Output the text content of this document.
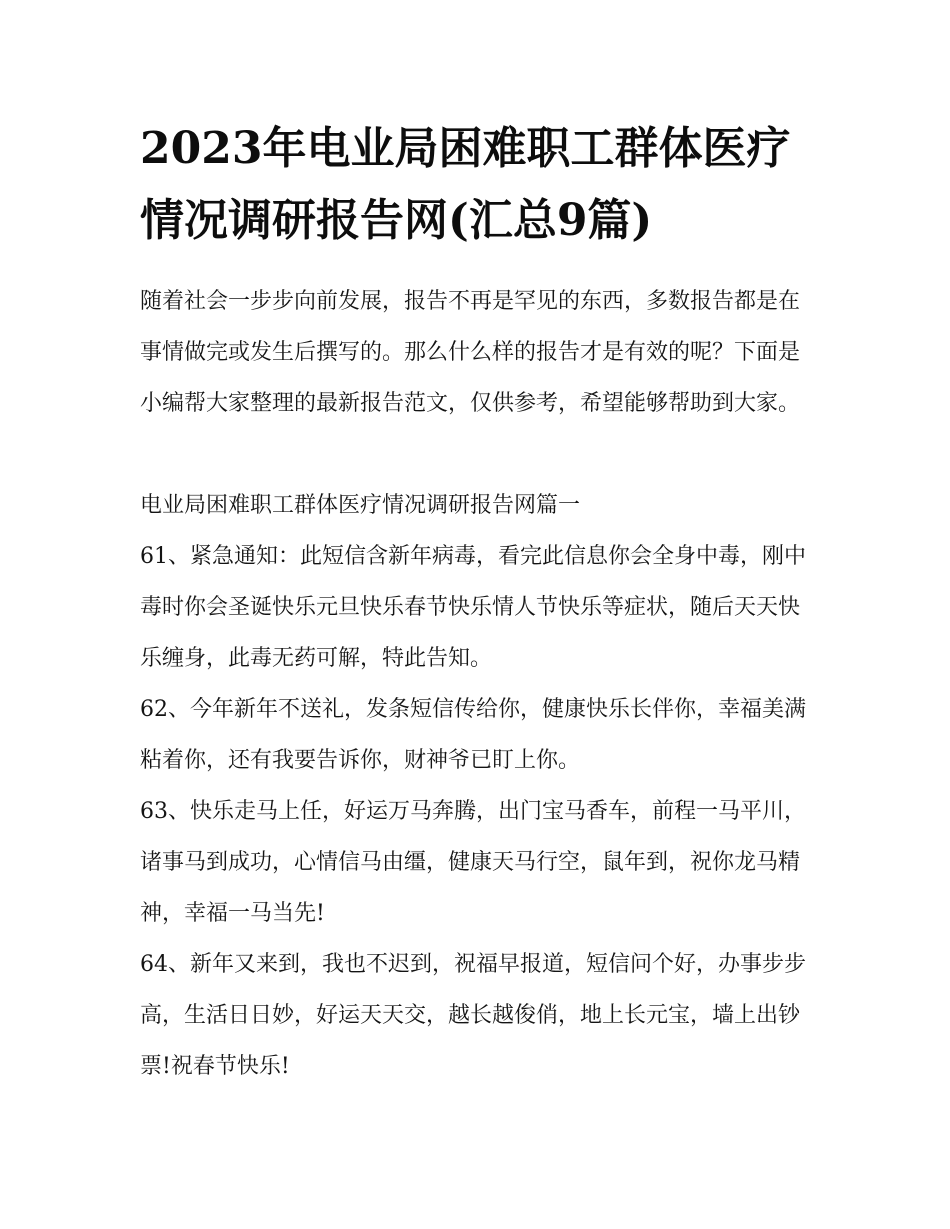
2023年电业局困难职工群体医疗情况调研报告网(汇总9篇)

随着社会一步步向前发展，报告不再是罕见的东西，多数报告都是在事情做完或发生后撰写的。那么什么样的报告才是有效的呢？下面是小编帮大家整理的最新报告范文，仅供参考，希望能够帮助到大家。

电业局困难职工群体医疗情况调研报告网篇一

61、紧急通知：此短信含新年病毒，看完此信息你会全身中毒，刚中毒时你会圣诞快乐元旦快乐春节快乐情人节快乐等症状，随后天天快乐缠身，此毒无药可解，特此告知。

62、今年新年不送礼，发条短信传给你，健康快乐长伴你，幸福美满粘着你，还有我要告诉你，财神爷已盯上你。

63、快乐走马上任，好运万马奔腾，出门宝马香车，前程一马平川，诸事马到成功，心情信马由缰，健康天马行空，鼠年到，祝你龙马精神，幸福一马当先!

64、新年又来到，我也不迟到，祝福早报道，短信问个好，办事步步高，生活日日妙，好运天天交，越长越俊俏，地上长元宝，墙上出钞票!祝春节快乐!
